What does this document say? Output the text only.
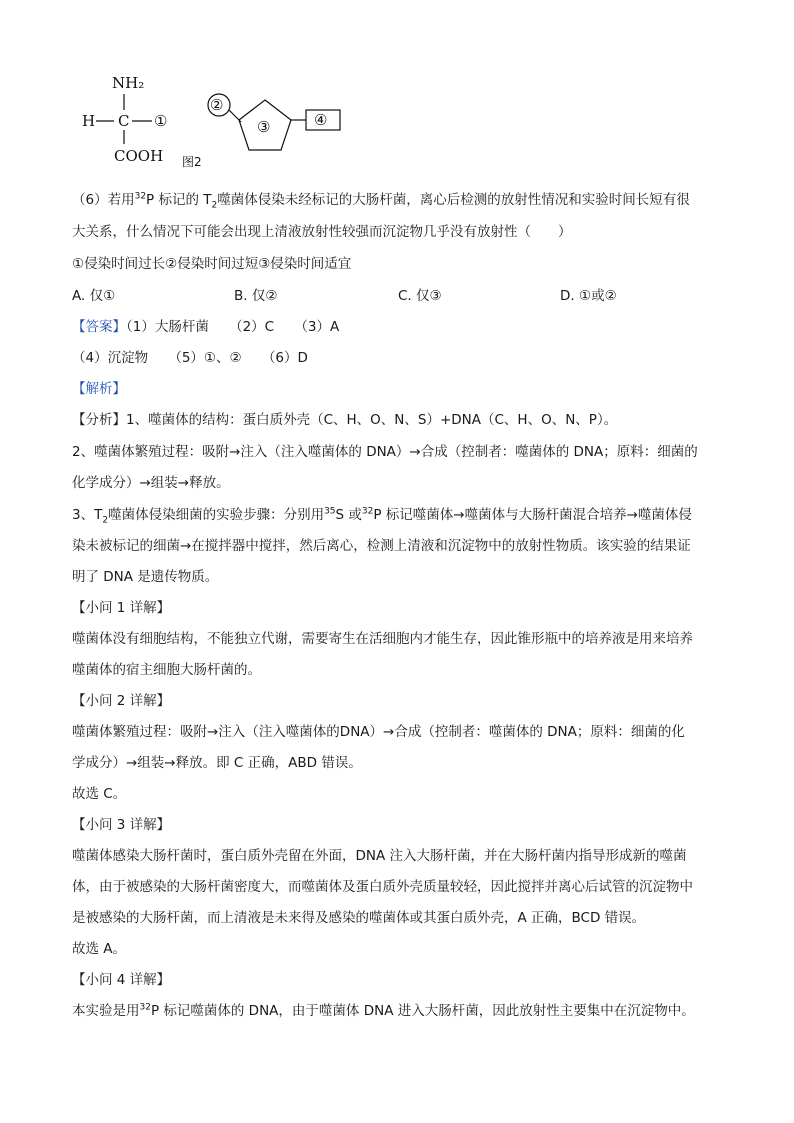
NH₂
H C ①
COOH 图2
②
③	④
（6）若用$^{32}$P 标记的 $T_2$噬菌体侵染未经标记的大肠杆菌，离心后检测的放射性情况和实验时间长短有很
大关系，什么情况下可能会出现上清液放射性较强而沉淀物几乎没有放射性（　　）
①侵染时间过长②侵染时间过短③侵染时间适宜
A. 仅①	B. 仅②	C. 仅③	D. ①或②
【答案】（1）大肠杆菌　　（2）C　　（3）A
（4）沉淀物　　（5）①、②　　（6）D
【解析】
【分析】1、噬菌体的结构：蛋白质外壳（C、H、O、N、S）+DNA（C、H、O、N、P）。
2、噬菌体繁殖过程：吸附→注入（注入噬菌体的 DNA）→合成（控制者：噬菌体的 DNA；原料：细菌的
化学成分）→组装→释放。
3、$T_2$噬菌体侵染细菌的实验步骤：分别用$^{35}$S 或$^{32}$P 标记噬菌体→噬菌体与大肠杆菌混合培养→噬菌体侵
染未被标记的细菌→在搅拌器中搅拌，然后离心，检测上清液和沉淀物中的放射性物质。该实验的结果证
明了 DNA 是遗传物质。
【小问 1 详解】
噬菌体没有细胞结构，不能独立代谢，需要寄生在活细胞内才能生存，因此锥形瓶中的培养液是用来培养
噬菌体的宿主细胞大肠杆菌的。
【小问 2 详解】
噬菌体繁殖过程：吸附→注入（注入噬菌体的DNA）→合成（控制者：噬菌体的 DNA；原料：细菌的化
学成分）→组装→释放。即 C 正确，ABD 错误。
故选 C。
【小问 3 详解】
噬菌体感染大肠杆菌时，蛋白质外壳留在外面，DNA 注入大肠杆菌，并在大肠杆菌内指导形成新的噬菌
体，由于被感染的大肠杆菌密度大，而噬菌体及蛋白质外壳质量较轻，因此搅拌并离心后试管的沉淀物中
是被感染的大肠杆菌，而上清液是未来得及感染的噬菌体或其蛋白质外壳，A 正确，BCD 错误。
故选 A。
【小问 4 详解】
本实验是用$^{32}$P 标记噬菌体的 DNA，由于噬菌体 DNA 进入大肠杆菌，因此放射性主要集中在沉淀物中。
